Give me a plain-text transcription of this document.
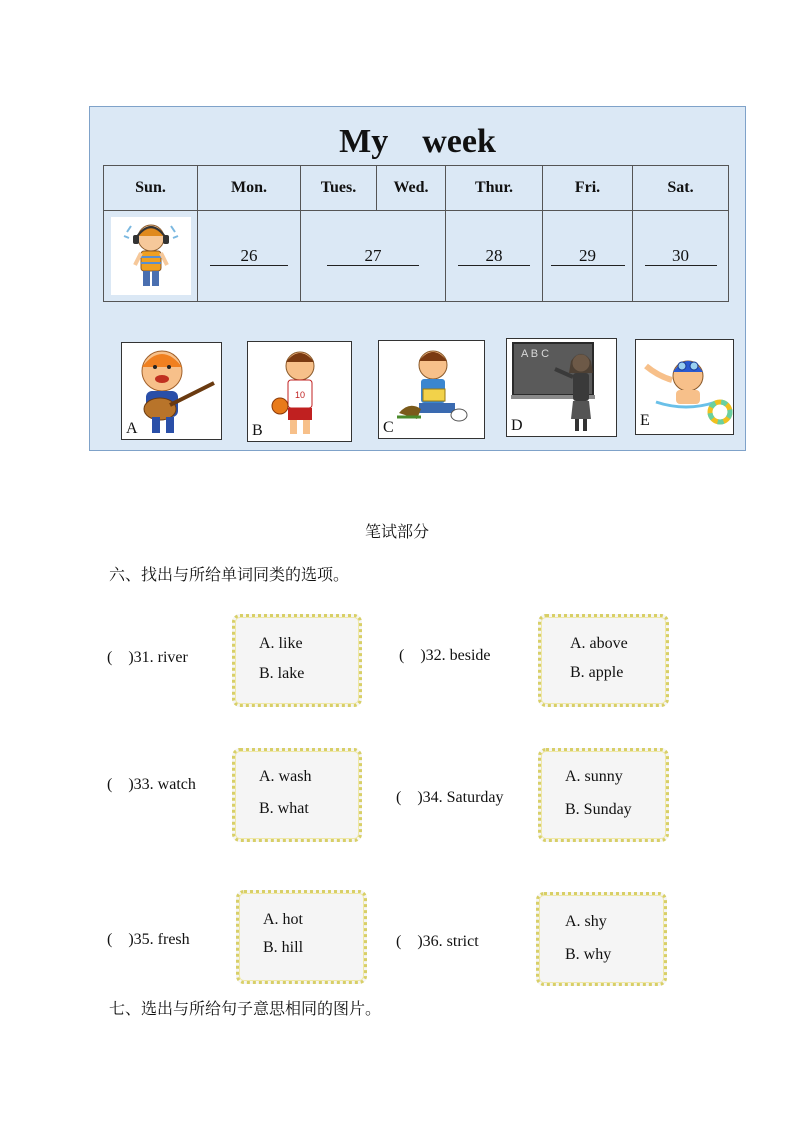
My    week
Sun.	Mon.	Tues.	Wed.	Thur.	Fri.	Sat.

	26	27		28	29	30
A
10
B	C
A B C
D	E
笔试部分
六、找出与所给单词同类的选项。
(    )31. river
A. like
B. lake
(    )32. beside
A. above
B. apple
(    )33. watch	A. wash
B. what
(    )34. Saturday
A. sunny
B. Sunday
(    )35. fresh
A. hot
B. hill	(    )36. strict
A. shy
B. why
七、选出与所给句子意思相同的图片。
